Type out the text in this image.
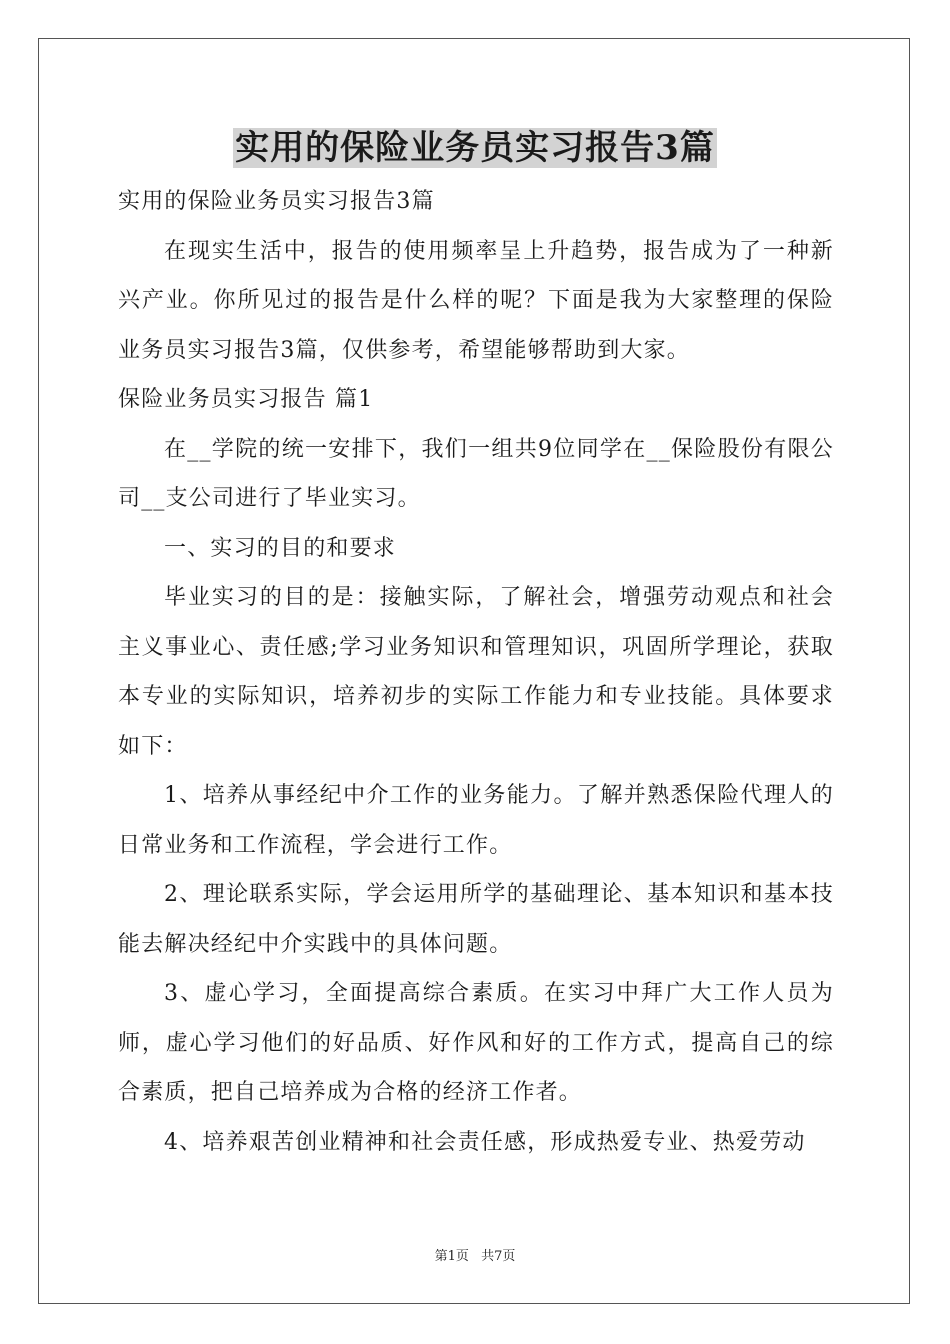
实用的保险业务员实习报告3篇

实用的保险业务员实习报告3篇

在现实生活中，报告的使用频率呈上升趋势，报告成为了一种新兴产业。你所见过的报告是什么样的呢？下面是我为大家整理的保险业务员实习报告3篇，仅供参考，希望能够帮助到大家。

保险业务员实习报告 篇1

在__学院的统一安排下，我们一组共9位同学在__保险股份有限公司__支公司进行了毕业实习。

一、实习的目的和要求

毕业实习的目的是：接触实际，了解社会，增强劳动观点和社会主义事业心、责任感;学习业务知识和管理知识，巩固所学理论，获取本专业的实际知识，培养初步的实际工作能力和专业技能。具体要求如下：

1、培养从事经纪中介工作的业务能力。了解并熟悉保险代理人的日常业务和工作流程，学会进行工作。

2、理论联系实际，学会运用所学的基础理论、基本知识和基本技能去解决经纪中介实践中的具体问题。

3、虚心学习，全面提高综合素质。在实习中拜广大工作人员为师，虚心学习他们的好品质、好作风和好的工作方式，提高自己的综合素质，把自己培养成为合格的经济工作者。

4、培养艰苦创业精神和社会责任感，形成热爱专业、热爱劳动

第1页 共7页
